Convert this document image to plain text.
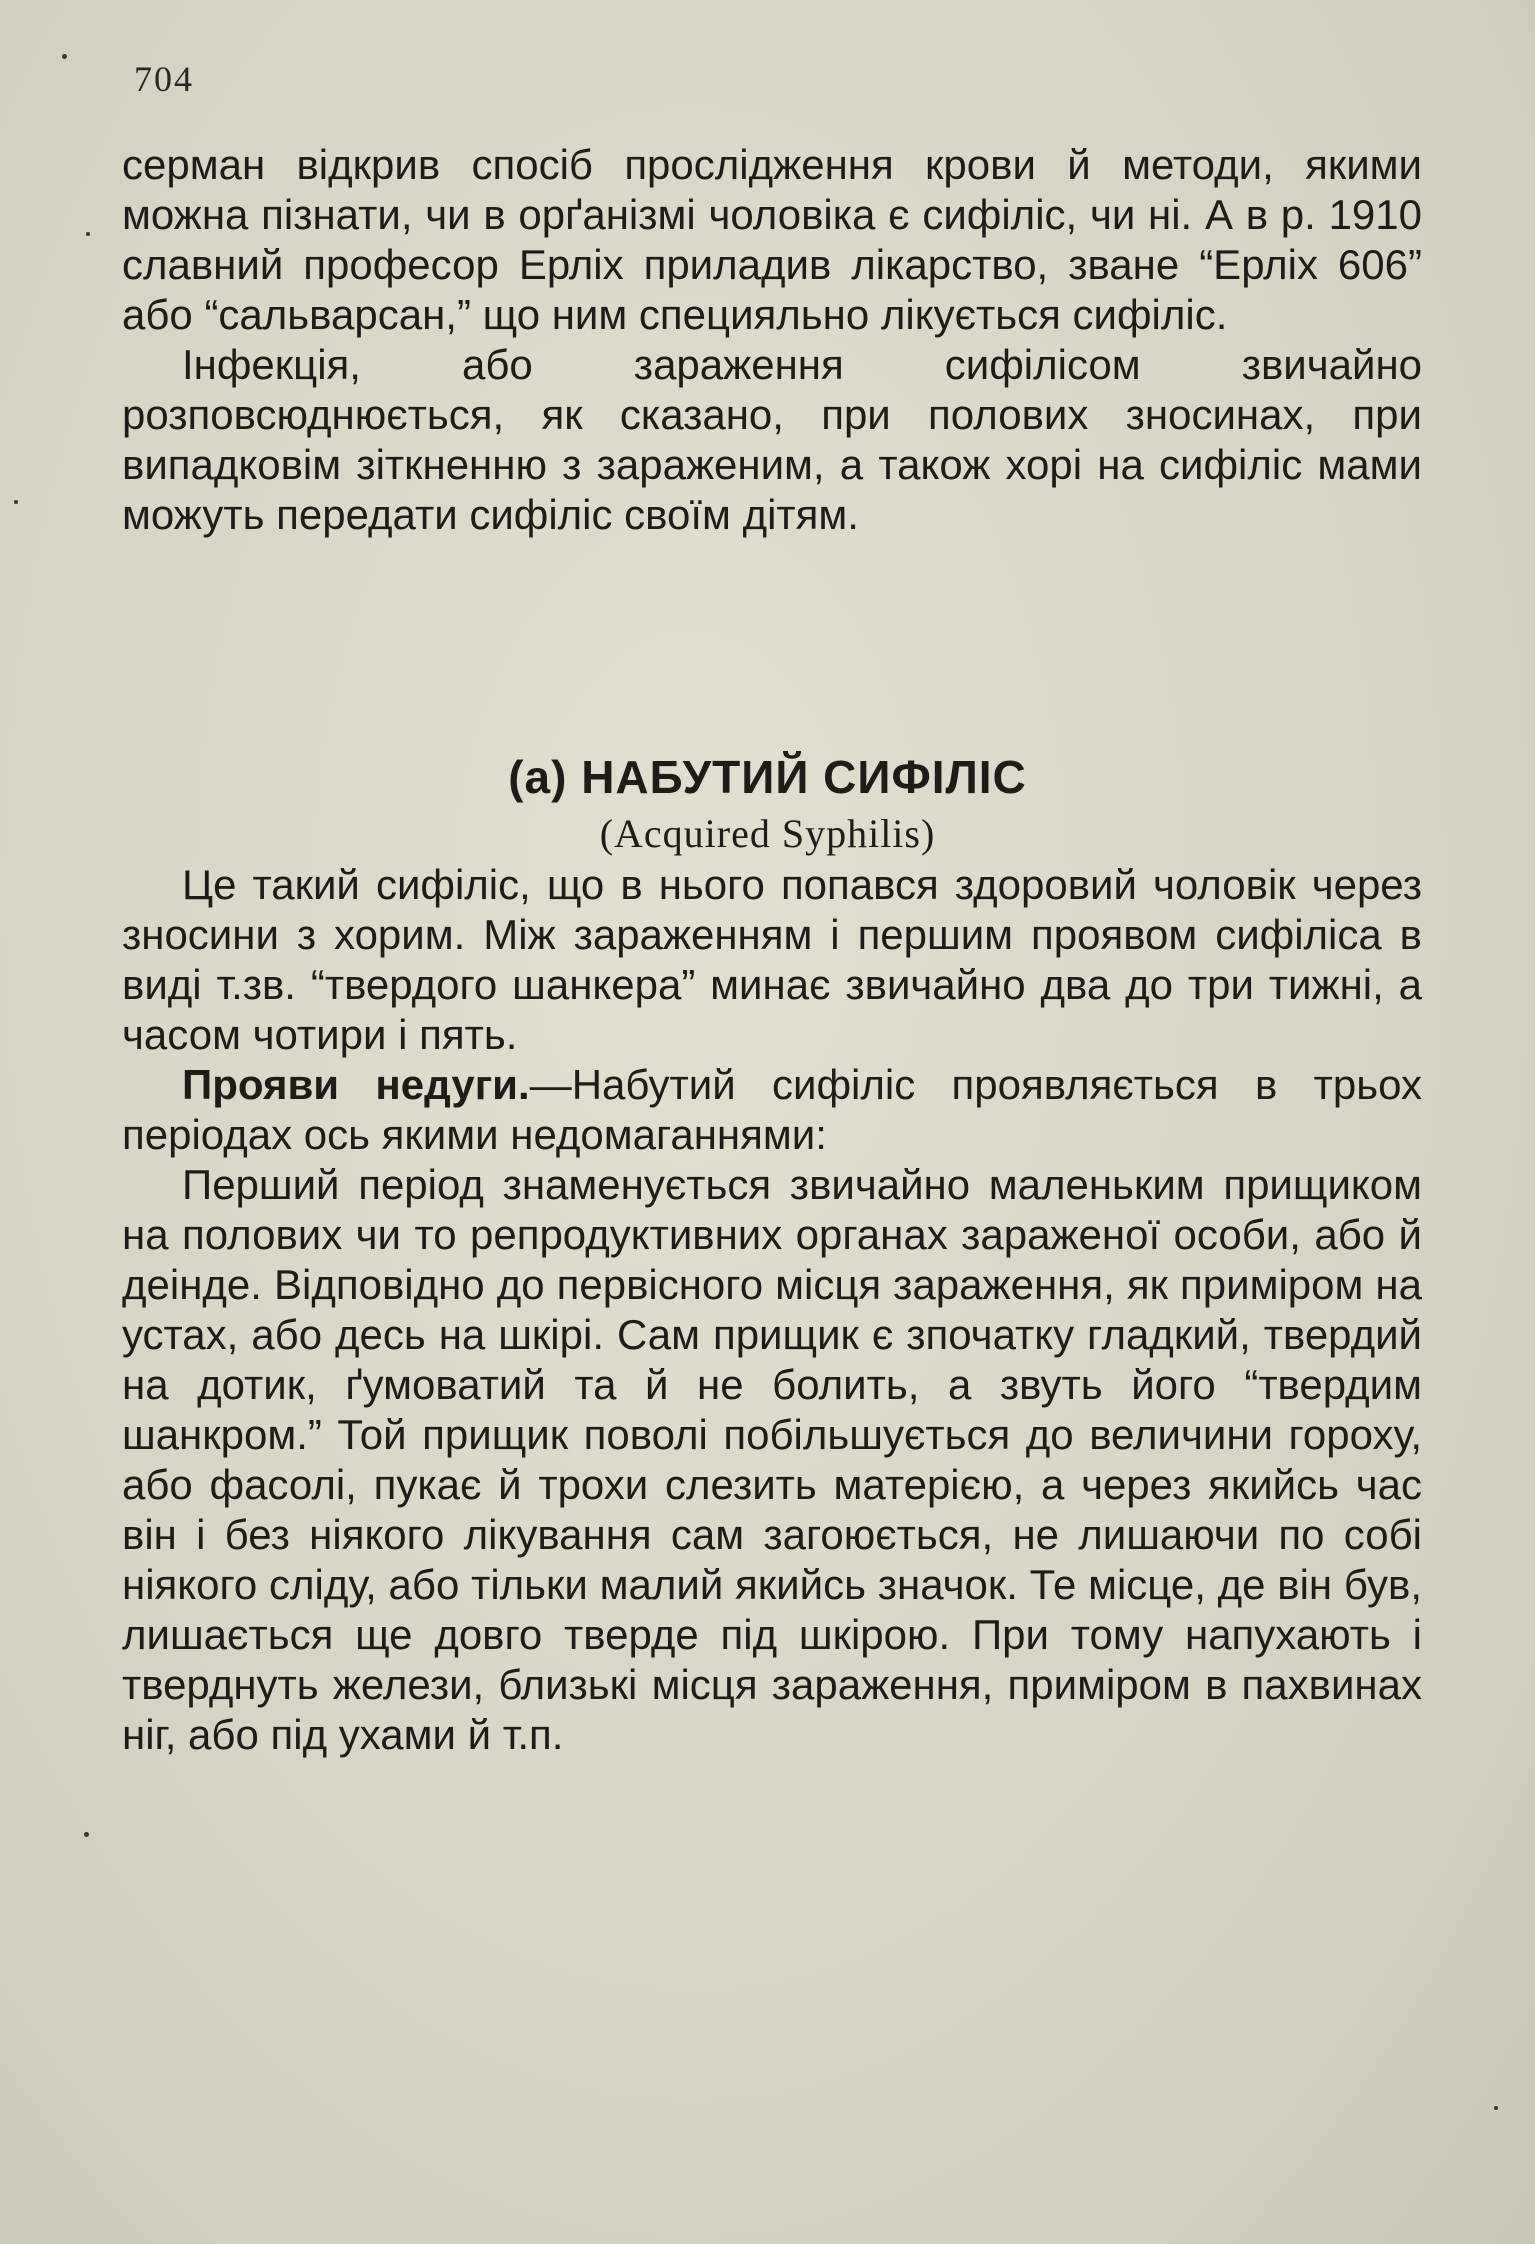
704

серман відкрив спосіб прослідження крови й методи, якими можна пізнати, чи в орґанізмі чоловіка є сифіліс, чи ні. А в р. 1910 славний професор Ерліх приладив лікарство, зване “Ерліх 606” або “сальварсан,” що ним специяльно лікується сифіліс.

Інфекція, або зараження сифілісом звичайно розповсюднюється, як сказано, при полових зносинах, при випадковім зіткненню з зараженим, а також хорі на сифіліс мами можуть передати сифіліс своїм дітям.

(а) НАБУТИЙ СИФІЛІС
(Acquired Syphilis)

Це такий сифіліс, що в нього попався здоровий чоловік через зносини з хорим. Між зараженням і першим проявом сифіліса в виді т.зв. “твердого шанкера” минає звичайно два до три тижні, а часом чотири і пять.

Прояви недуги.—Набутий сифіліс проявляється в трьох періодах ось якими недомаганнями:

Перший період знаменується звичайно маленьким прищиком на полових чи то репродуктивних органах зараженої особи, або й деінде. Відповідно до первісного місця зараження, як приміром на устах, або десь на шкірі. Сам прищик є зпочатку гладкий, твердий на дотик, ґумоватий та й не болить, а звуть його “твердим шанкром.” Той прищик поволі побільшується до величини гороху, або фасолі, пукає й трохи слезить матерією, а через якийсь час він і без ніякого лікування сам загоюється, не лишаючи по собі ніякого сліду, або тільки малий якийсь значок. Те місце, де він був, лишається ще довго тверде під шкірою. При тому напухають і тверднуть желези, близькі місця зараження, приміром в пахвинах ніг, або під ухами й т.п.
